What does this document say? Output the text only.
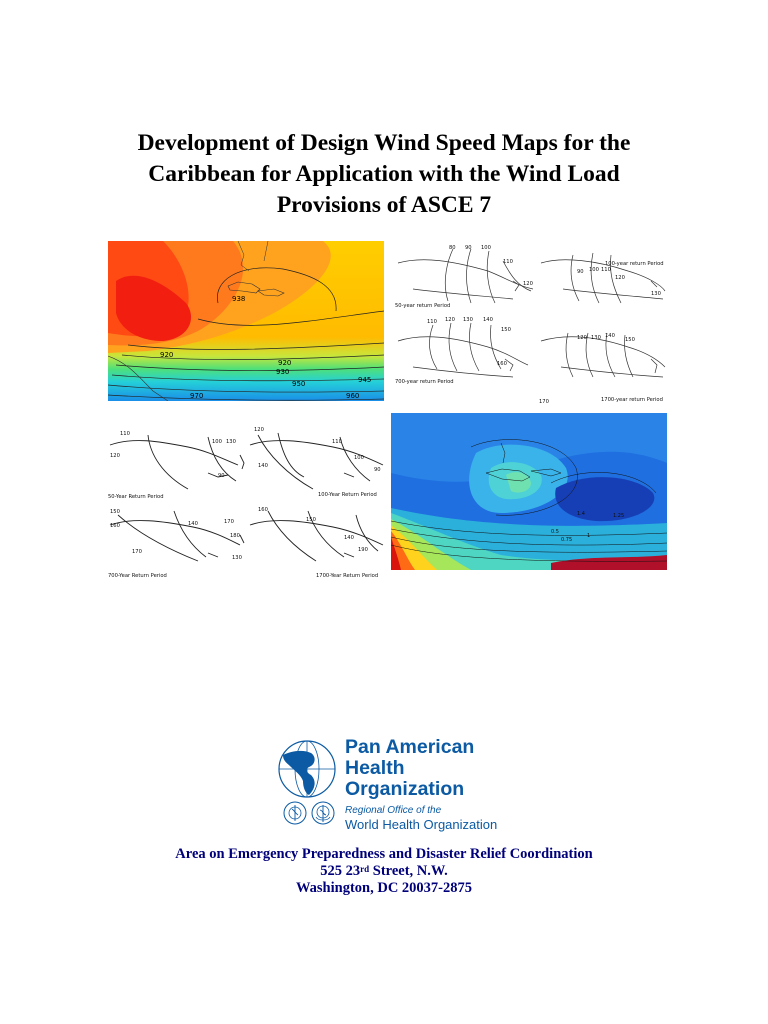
Development of Design Wind Speed Maps for the
Caribbean for Application with the Wind Load
Provisions of ASCE 7
938
920
920
930
950
970
945
960
80 90 100
110
120
50-year return Period
90 100 110
120
130
100-year return Period
110 120 130 140
150
160
700-year return Period
120 130 140
150
170	1700-year return Period
110
120
100
90
50-Year Return Period
120
130
140
110
100
90
100-Year Return Period
150
160
170
140
130
700-Year Return Period
170
160
180
150
140
190
1700-Year Return Period
1.25
1.4
0.5
0.75
1
Pan American
Health
Organization
Regional Office of the
World Health Organization
Area on Emergency Preparedness and Disaster Relief Coordination
525 23rd Street, N.W.
Washington, DC 20037-2875
